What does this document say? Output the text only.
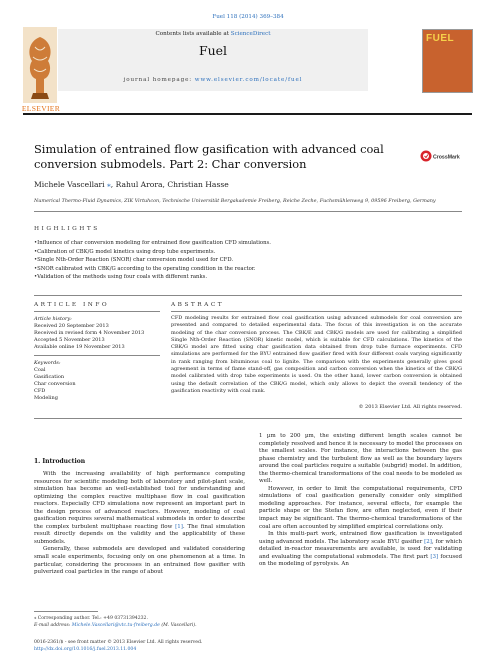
Fuel 118 (2014) 369–384
Contents lists available at ScienceDirect
Fuel
journal homepage: www.elsevier.com/locate/fuel
ELSEVIER
FUEL
Simulation of entrained flow gasification with advanced coal conversion submodels. Part 2: Char conversion	CrossMark
Michele Vascellari ⁎, Rahul Arora, Christian Hasse
Numerical Thermo-Fluid Dynamics, ZIK Virtuhcon, Technische Universität Bergakademie Freiberg, Reiche Zeche, Fuchsmühlenweg 9, 09596 Freiberg, Germany
HIGHLIGHTS
• Influence of char conversion modeling for entrained flow gasification CFD simulations.
• Calibration of CBK/G model kinetics using drop tube experiments.
• Single Nth-Order Reaction (SNOR) char conversion model used for CFD.
• SNOR calibrated with CBK/G according to the operating condition in the reactor.
• Validation of the methods using four coals with different ranks.
ARTICLE INFO	ABSTRACT
Article history:
Received 20 September 2013
Received in revised form 4 November 2013
Accepted 5 November 2013
Available online 19 November 2013
Keywords:
Coal
Gasification
Char conversion
CFD
Modeling
CFD modeling results for entrained flow coal gasification using advanced submodels for coal conversion are presented and compared to detailed experimental data. The focus of this investigation is on the accurate modeling of the char conversion process. The CBK/E and CBK/G models are used for calibrating a simplified Single Nth-Order Reaction (SNOR) kinetic model, which is suitable for CFD calculations. The kinetics of the CBK/G model are fitted using char gasification data obtained from drop tube furnace experiments. CFD simulations are performed for the BYU entrained flow gasifier fired with four different coals varying significantly in rank ranging from bituminous coal to lignite. The comparison with the experiments generally gives good agreement in terms of flame stand-off, gas composition and carbon conversion when the kinetics of the CBK/G model calibrated with drop tube experiments is used. On the other hand, lower carbon conversion is obtained using the default correlation of the CBK/G model, which only allows to depict the overall tendency of the gasification reactivity with coal rank.
© 2013 Elsevier Ltd. All rights reserved.
1. Introduction

With the increasing availability of high performance computing resources for scientific modeling both of laboratory and pilot-plant scale, simulation has become an well-established tool for understanding and optimizing the complex reactive multiphase flow in coal gasification reactors. Especially CFD simulations now represent an important part in the design process of advanced reactors. However, modeling of coal gasification requires several mathematical submodels in order to describe the complex turbulent multiphase reacting flow [1]. The final simulation result directly depends on the validity and the applicability of these submodels.

Generally, these submodels are developed and validated considering small scale experiments, focusing only on one phenomenon at a time. In particular, considering the processes in an entrained flow gasifier with pulverized coal particles in the range of about

1 µm to 200 µm, the existing different length scales cannot be completely resolved and hence it is necessary to model the processes on the smallest scales. For instance, the interactions between the gas phase chemistry and the turbulent flow as well as the boundary layers around the coal particles require a suitable (subgrid) model. In addition, the thermo-chemical transformations of the coal needs to be modeled as well.

However, in order to limit the computational requirements, CFD simulations of coal gasification generally consider only simplified modeling approaches. For instance, several effects, for example the particle shape or the Stefan flow, are often neglected, even if their impact may be significant. The thermo-chemical transformations of the coal are often accounted by simplified empirical correlations only.

In this multi-part work, entrained flow gasification is investigated using advanced models. The laboratory scale BYU gasifier [2], for which detailed in-reactor measurements are available, is used for validating and evaluating the computational submodels. The first part [3] focused on the modeling of pyrolysis. An

⁎ Corresponding author. Tel.: +49 03731394232.
E-mail address: Michele.Vascellari@vtc.tu-freiberg.de (M. Vascellari).
0016-2361/$ - see front matter © 2013 Elsevier Ltd. All rights reserved.
http://dx.doi.org/10.1016/j.fuel.2013.11.004
